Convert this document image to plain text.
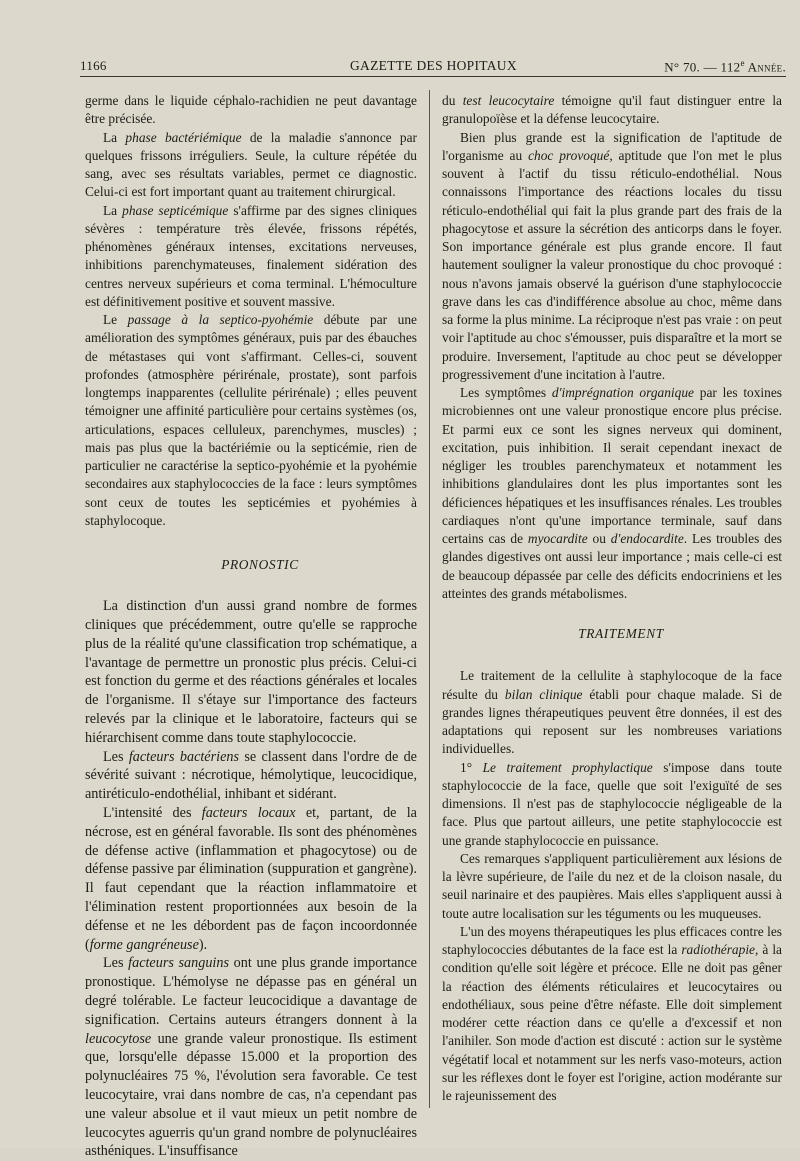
1166	GAZETTE DES HOPITAUX	N° 70. — 112e Année.

germe dans le liquide céphalo-rachidien ne peut davantage être précisée.

La phase bactériémique de la maladie s'annonce par quelques frissons irréguliers. Seule, la culture répétée du sang, avec ses résultats variables, permet ce diagnostic. Celui-ci est fort important quant au traitement chirurgical.

La phase septicémique s'affirme par des signes cliniques sévères : température très élevée, frissons répétés, phénomènes généraux intenses, excitations nerveuses, inhibitions parenchymateuses, finalement sidération des centres nerveux supérieurs et coma terminal. L'hémoculture est définitivement positive et souvent massive.

Le passage à la septico-pyohémie débute par une amélioration des symptômes généraux, puis par des ébauches de métastases qui vont s'affirmant. Celles-ci, souvent profondes (atmosphère périrénale, prostate), sont parfois longtemps inapparentes (cellulite périrénale) ; elles peuvent témoigner une affinité particulière pour certains systèmes (os, articulations, espaces celluleux, parenchymes, muscles) ; mais pas plus que la bactériémie ou la septicémie, rien de particulier ne caractérise la septico-pyohémie et la pyohémie secondaires aux staphylococcies de la face : leurs symptômes sont ceux de toutes les septicémies et pyohémies à staphylocoque.

PRONOSTIC

La distinction d'un aussi grand nombre de formes cliniques que précédemment, outre qu'elle se rapproche plus de la réalité qu'une classification trop schématique, a l'avantage de permettre un pronostic plus précis. Celui-ci est fonction du germe et des réactions générales et locales de l'organisme. Il s'étaye sur l'importance des facteurs relevés par la clinique et le laboratoire, facteurs qui se hiérarchisent comme dans toute staphylococcie.

Les facteurs bactériens se classent dans l'ordre de de sévérité suivant : nécrotique, hémolytique, leucocidique, antiréticulo-endothélial, inhibant et sidérant.

L'intensité des facteurs locaux et, partant, de la nécrose, est en général favorable. Ils sont des phénomènes de défense active (inflammation et phagocytose) ou de défense passive par élimination (suppuration et gangrène). Il faut cependant que la réaction inflammatoire et l'élimination restent proportionnées aux besoin de la défense et ne les débordent pas de façon incoordonnée (forme gangréneuse).

Les facteurs sanguins ont une plus grande importance pronostique. L'hémolyse ne dépasse pas en général un degré tolérable. Le facteur leucocidique a davantage de signification. Certains auteurs étrangers donnent à la leucocytose une grande valeur pronostique. Ils estiment que, lorsqu'elle dépasse 15.000 et la proportion des polynucléaires 75 %, l'évolution sera favorable. Ce test leucocytaire, vrai dans nombre de cas, n'a cependant pas une valeur absolue et il vaut mieux un petit nombre de leucocytes aguerris qu'un grand nombre de polynucléaires asthéniques. L'insuffisance

du test leucocytaire témoigne qu'il faut distinguer entre la granulopoïèse et la défense leucocytaire.

Bien plus grande est la signification de l'aptitude de l'organisme au choc provoqué, aptitude que l'on met le plus souvent à l'actif du tissu réticulo-endothélial. Nous connaissons l'importance des réactions locales du tissu réticulo-endothélial qui fait la plus grande part des frais de la phagocytose et assure la sécrétion des anticorps dans le foyer. Son importance générale est plus grande encore. Il faut hautement souligner la valeur pronostique du choc provoqué : nous n'avons jamais observé la guérison d'une staphylococcie grave dans les cas d'indifférence absolue au choc, même dans sa forme la plus minime. La réciproque n'est pas vraie : on peut voir l'aptitude au choc s'émousser, puis disparaître et la mort se produire. Inversement, l'aptitude au choc peut se développer progressivement d'une incitation à l'autre.

Les symptômes d'imprégnation organique par les toxines microbiennes ont une valeur pronostique encore plus précise. Et parmi eux ce sont les signes nerveux qui dominent, excitation, puis inhibition. Il serait cependant inexact de négliger les troubles parenchymateux et notamment les inhibitions glandulaires dont les plus importantes sont les déficiences hépatiques et les insuffisances rénales. Les troubles cardiaques n'ont qu'une importance terminale, sauf dans certains cas de myocardite ou d'endocardite. Les troubles des glandes digestives ont aussi leur importance ; mais celle-ci est de beaucoup dépassée par celle des déficits endocriniens et les atteintes des grands métabolismes.

TRAITEMENT

Le traitement de la cellulite à staphylocoque de la face résulte du bilan clinique établi pour chaque malade. Si de grandes lignes thérapeutiques peuvent être données, il est des adaptations qui reposent sur les nombreuses variations individuelles.

1° Le traitement prophylactique s'impose dans toute staphylococcie de la face, quelle que soit l'exiguïté de ses dimensions. Il n'est pas de staphylococcie négligeable de la face. Plus que partout ailleurs, une petite staphylococcie est une grande staphylococcie en puissance.

Ces remarques s'appliquent particulièrement aux lésions de la lèvre supérieure, de l'aile du nez et de la cloison nasale, du seuil narinaire et des paupières. Mais elles s'appliquent aussi à toute autre localisation sur les téguments ou les muqueuses.

L'un des moyens thérapeutiques les plus efficaces contre les staphylococcies débutantes de la face est la radiothérapie, à la condition qu'elle soit légère et précoce. Elle ne doit pas gêner la réaction des éléments réticulaires et leucocytaires ou endothéliaux, sous peine d'être néfaste. Elle doit simplement modérer cette réaction dans ce qu'elle a d'excessif et non l'anihiler. Son mode d'action est discuté : action sur le système végétatif local et notamment sur les nerfs vaso-moteurs, action sur les réflexes dont le foyer est l'origine, action modérante sur le rajeunissement des
